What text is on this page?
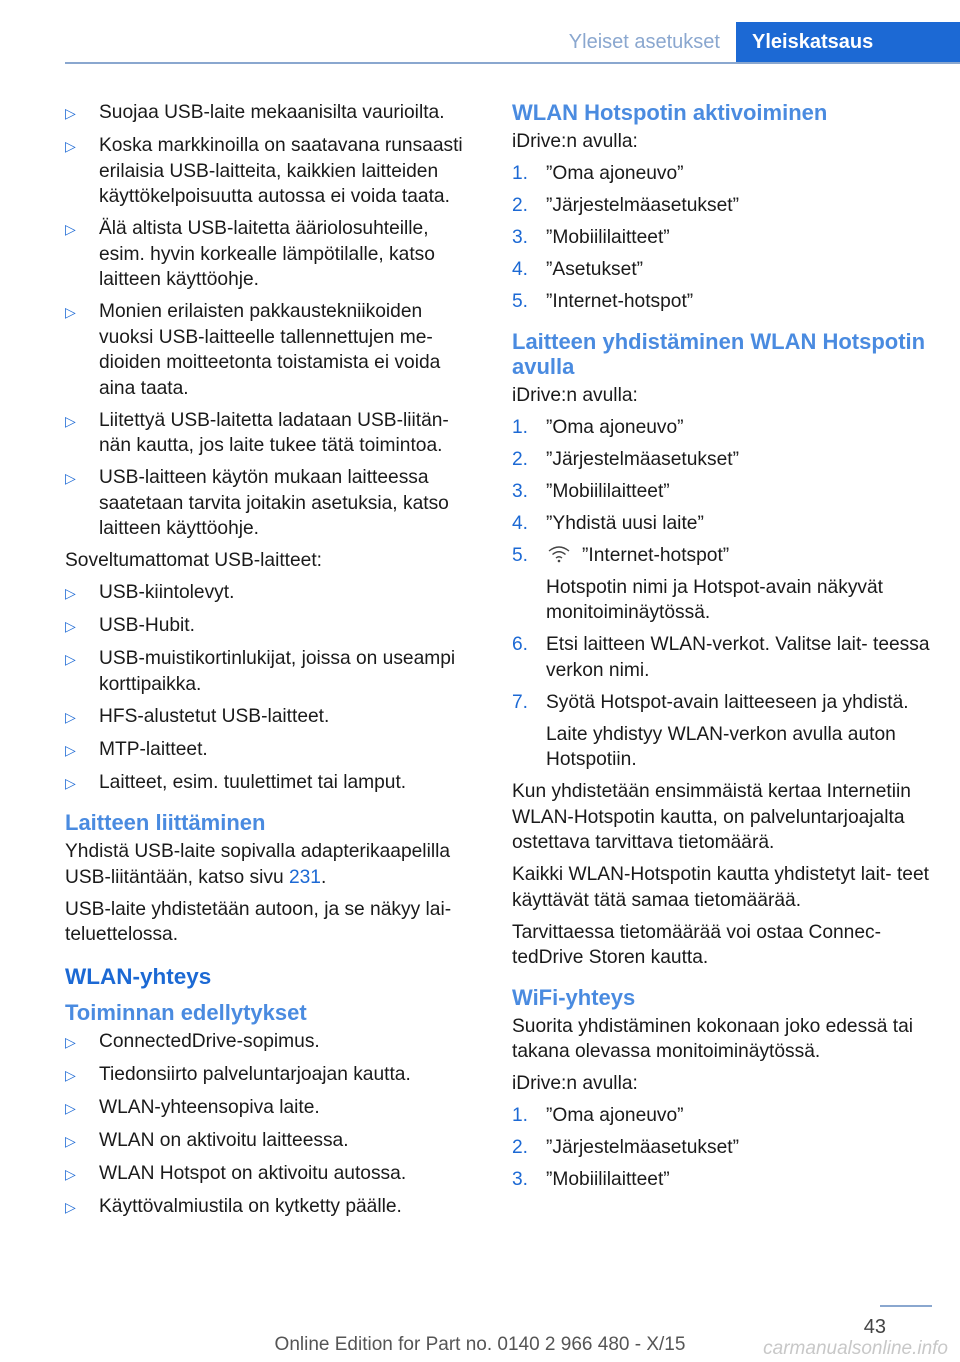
Yleiset asetukset	Yleiskatsaus
▷	Suojaa USB-laite mekaanisilta vaurioilta.
▷	Koska markkinoilla on saatavana runsaasti erilaisia USB-laitteita, kaikkien laitteiden käyttökelpoisuutta autossa ei voida taata.
▷	Älä altista USB-laitetta ääriolosuhteille, esim. hyvin korkealle lämpötilalle, katso laitteen käyttöohje.
▷	Monien erilaisten pakkaustekniikoiden vuoksi USB-laitteelle tallennettujen me- dioiden moitteetonta toistamista ei voida aina taata.
▷	Liitettyä USB-laitetta ladataan USB-liitän- nän kautta, jos laite tukee tätä toimintoa.
▷	USB-laitteen käytön mukaan laitteessa saatetaan tarvita joitakin asetuksia, katso laitteen käyttöohje.

Soveltumattomat USB-laitteet:

▷	USB-kiintolevyt.
▷	USB-Hubit.
▷	USB-muistikortinlukijat, joissa on useampi korttipaikka.
▷	HFS-alustetut USB-laitteet.
▷	MTP-laitteet.
▷	Laitteet, esim. tuulettimet tai lamput.
Laitteen liittäminen

Yhdistä USB-laite sopivalla adapterikaapelilla USB-liitäntään, katso sivu 231.

USB-laite yhdistetään autoon, ja se näkyy lai- teluettelossa.

WLAN-yhteys
Toiminnan edellytykset
▷	ConnectedDrive-sopimus.
▷	Tiedonsiirto palveluntarjoajan kautta.
▷	WLAN-yhteensopiva laite.
▷	WLAN on aktivoitu laitteessa.
▷	WLAN Hotspot on aktivoitu autossa.
▷	Käyttövalmiustila on kytketty päälle.
WLAN Hotspotin aktivoiminen

iDrive:n avulla:

1. ”Oma ajoneuvo”
2. ”Järjestelmäasetukset”
3. ”Mobiililaitteet”
4. ”Asetukset”
5. ”Internet-hotspot”
Laitteen yhdistäminen WLAN Hotspotin avulla

iDrive:n avulla:

1. ”Oma ajoneuvo”
2. ”Järjestelmäasetukset”
3. ”Mobiililaitteet”
4. ”Yhdistä uusi laite”
5.	”Internet-hotspot”
Hotspotin nimi ja Hotspot-avain näkyvät monitoiminäytössä.
6. Etsi laitteen WLAN-verkot. Valitse lait- teessa verkon nimi.
7. Syötä Hotspot-avain laitteeseen ja yhdistä.
Laite yhdistyy WLAN-verkon avulla auton Hotspotiin.

Kun yhdistetään ensimmäistä kertaa Internetiin WLAN-Hotspotin kautta, on palveluntarjoajalta ostettava tarvittava tietomäärä.

Kaikki WLAN-Hotspotin kautta yhdistetyt lait- teet käyttävät tätä samaa tietomäärää.

Tarvittaessa tietomäärää voi ostaa Connec- tedDrive Storen kautta.

WiFi-yhteys

Suorita yhdistäminen kokonaan joko edessä tai takana olevassa monitoiminäytössä.

iDrive:n avulla:

1. ”Oma ajoneuvo”
2. ”Järjestelmäasetukset”
3. ”Mobiililaitteet”
43
Online Edition for Part no. 0140 2 966 480 - X/15	carmanualsonline.info
